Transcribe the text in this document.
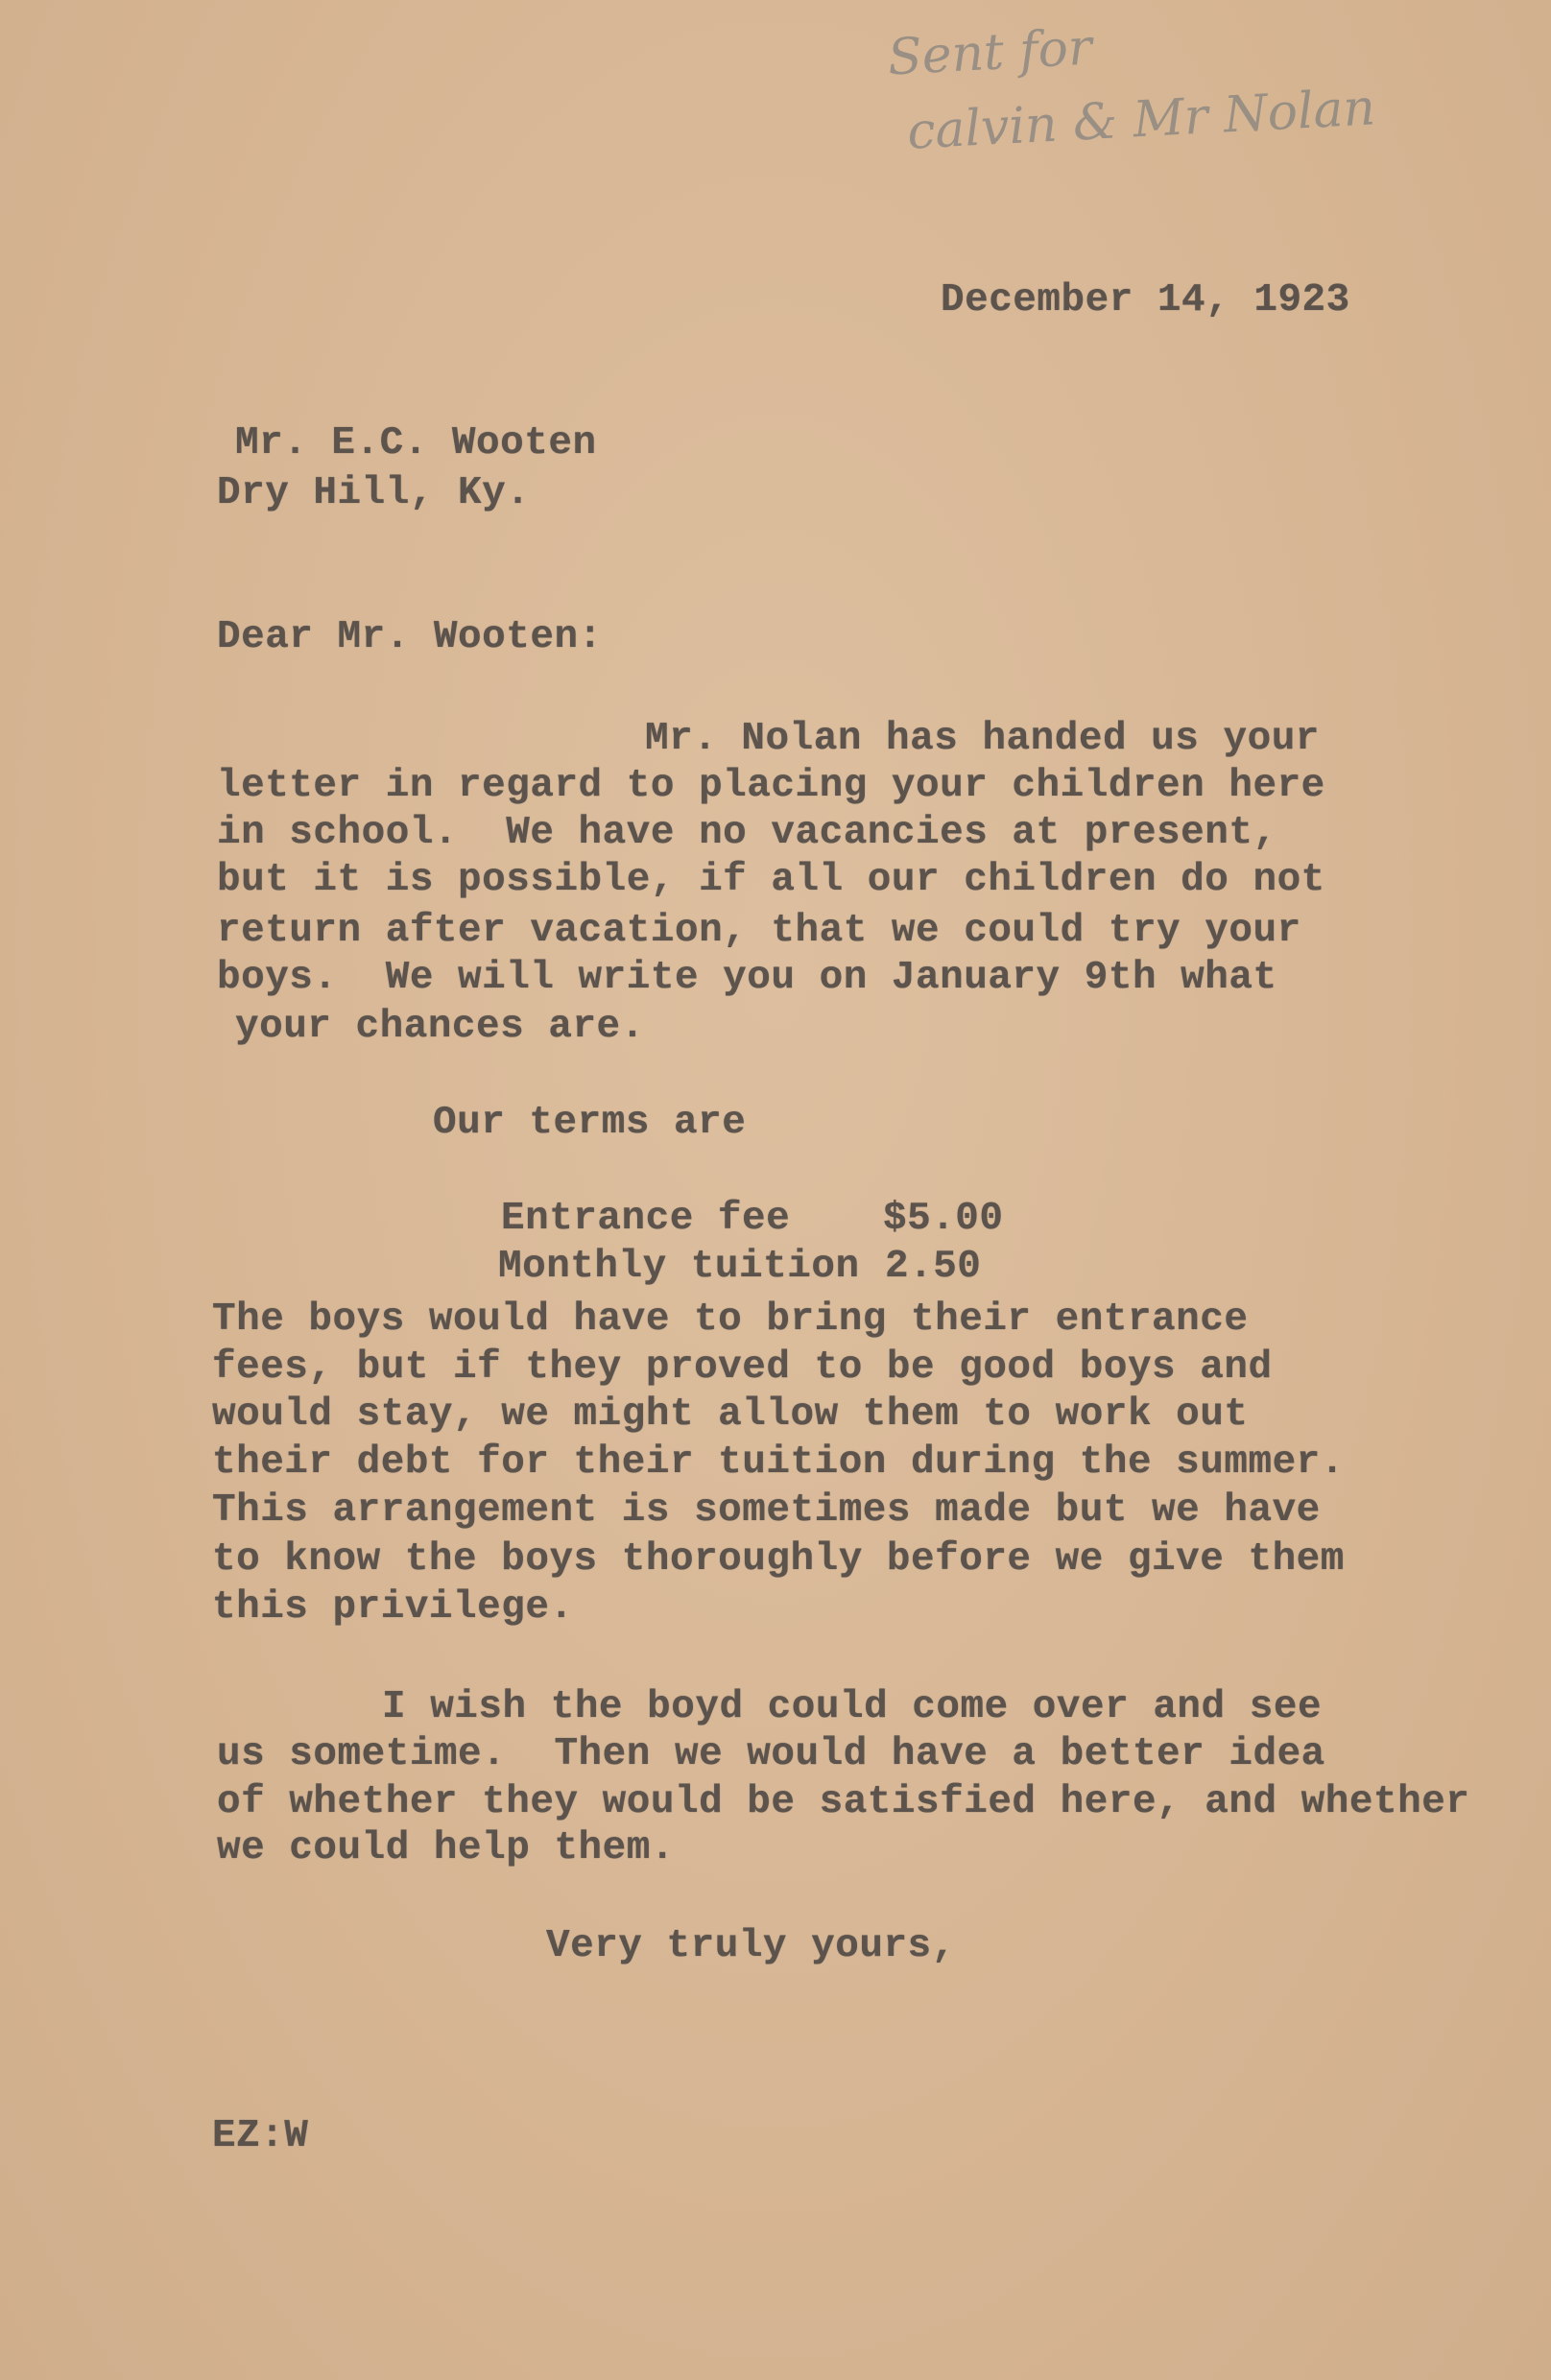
Sent for
calvin & Mr Nolan
December 14, 1923
Mr. E.C. Wooten
Dry Hill, Ky.
Dear Mr. Wooten:
Mr. Nolan has handed us your
letter in regard to placing your children here
in school.  We have no vacancies at present,
but it is possible, if all our children do not
return after vacation, that we could try your
boys.  We will write you on January 9th what
your chances are.
Our terms are
Entrance fee $5.00
Monthly tuition 2.50
The boys would have to bring their entrance
fees, but if they proved to be good boys and
would stay, we might allow them to work out
their debt for their tuition during the summer.
This arrangement is sometimes made but we have
to know the boys thoroughly before we give them
this privilege.
I wish the boyd could come over and see
us sometime.  Then we would have a better idea
of whether they would be satisfied here, and whether
we could help them.
Very truly yours,
EZ:W
